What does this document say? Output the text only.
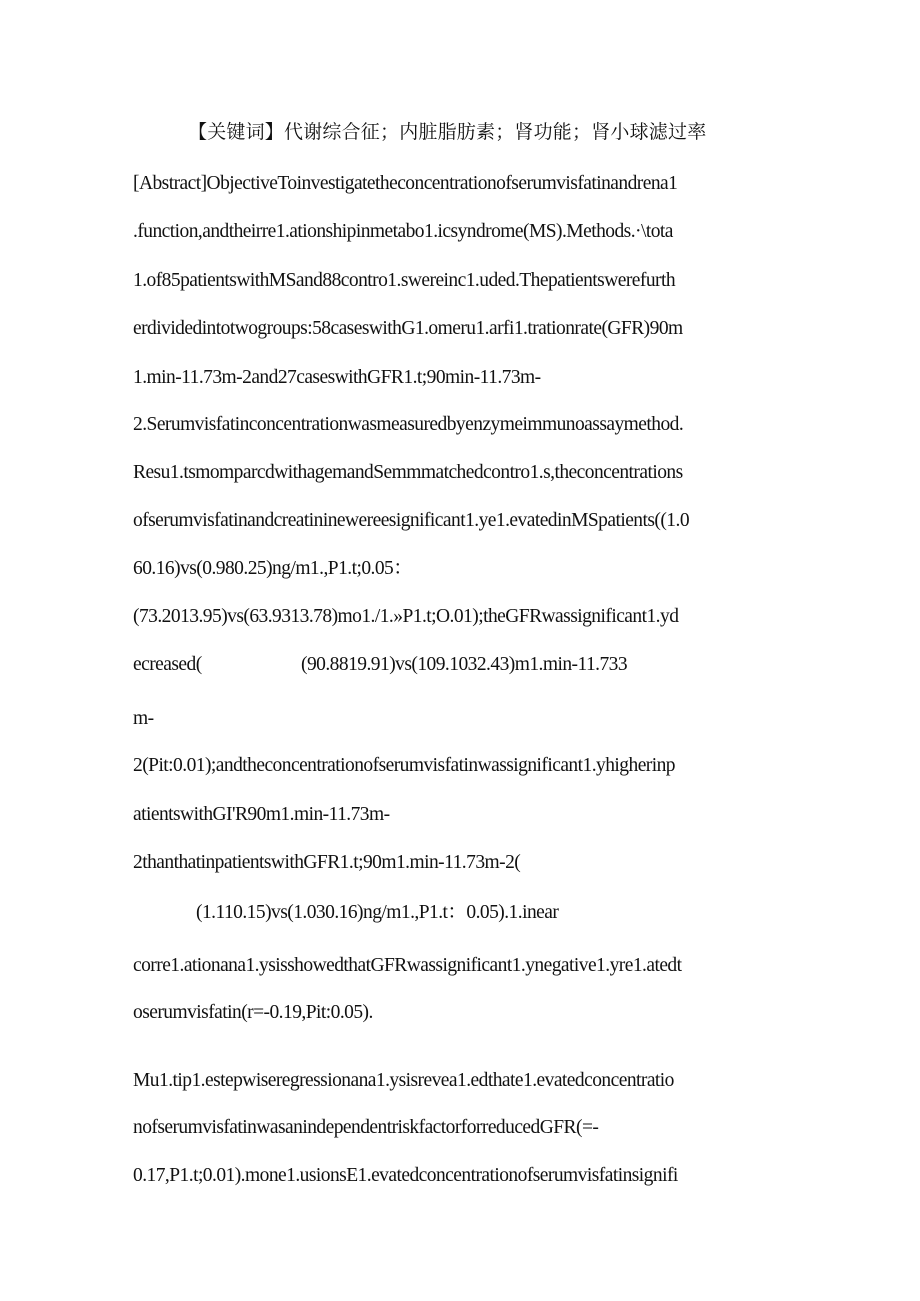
【关键词】代谢综合征；内脏脂肪素；肾功能；肾小球滤过率
[Abstract]ObjectiveToinvestigatetheconcentrationofserumvisfatinandrena1
.function,andtheirre1.ationshipinmetabo1.icsyndrome(MS).Methods.·\tota
1.of85patientswithMSand88contro1.swereinc1.uded.Thepatientswerefurth
erdividedintotwogroups:58caseswithG1.omeru1.arfi1.trationrate(GFR)90m
1.min-11.73m-2and27caseswithGFR1.t;90min-11.73m-
2.Serumvisfatinconcentrationwasmeasuredbyenzymeimmunoassaymethod.
Resu1.tsmomparcdwithagemandSemmmatchedcontro1.s,theconcentrations
ofserumvisfatinandcreatininewereesignificant1.ye1.evatedinMSpatients((1.0
60.16)vs(0.980.25)ng/m1.,P1.t;0.05：
(73.2013.95)vs(63.9313.78)mo1./1.»P1.t;O.01);theGFRwassignificant1.yd
ecreased(	(90.8819.91)vs(109.1032.43)m1.min-11.733
m-
2(Pit:0.01);andtheconcentrationofserumvisfatinwassignificant1.yhigherinp
atientswithGI'R90m1.min-11.73m-
2thanthatinpatientswithGFR1.t;90m1.min-11.73m-2(
(1.110.15)vs(1.030.16)ng/m1.,P1.t：0.05).1.inear
corre1.ationana1.ysisshowedthatGFRwassignificant1.ynegative1.yre1.atedt
oserumvisfatin(r=-0.19,Pit:0.05).
Mu1.tip1.estepwiseregressionana1.ysisrevea1.edthate1.evatedconcentratio
nofserumvisfatinwasanindependentriskfactorforreducedGFR(=-
0.17,P1.t;0.01).mone1.usionsE1.evatedconcentrationofserumvisfatinsignifi
